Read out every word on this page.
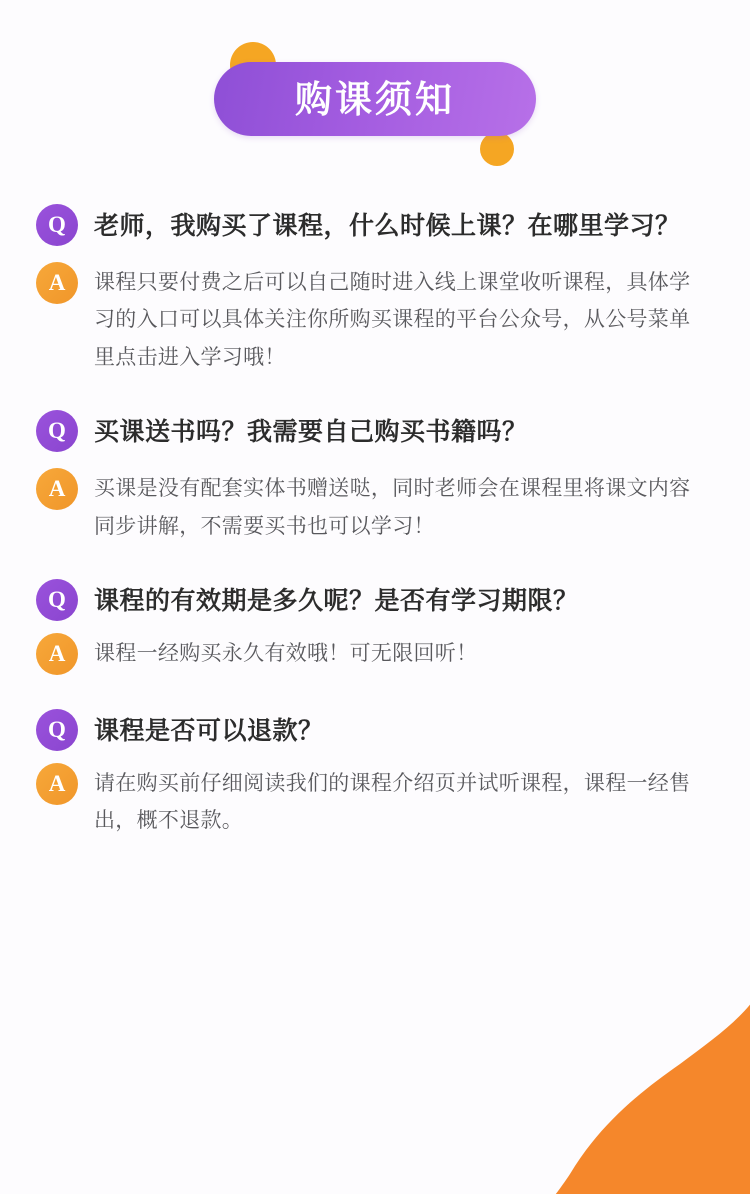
购课须知
Q	老师，我购买了课程，什么时候上课？在哪里学习？
A	课程只要付费之后可以自己随时进入线上课堂收听课程，具体学习的入口可以具体关注你所购买课程的平台公众号，从公号菜单里点击进入学习哦！
Q	买课送书吗？我需要自己购买书籍吗？
A	买课是没有配套实体书赠送哒，同时老师会在课程里将课文内容同步讲解，不需要买书也可以学习！
Q	课程的有效期是多久呢？是否有学习期限？
A	课程一经购买永久有效哦！可无限回听！
Q	课程是否可以退款？
A	请在购买前仔细阅读我们的课程介绍页并试听课程，课程一经售出，概不退款。
